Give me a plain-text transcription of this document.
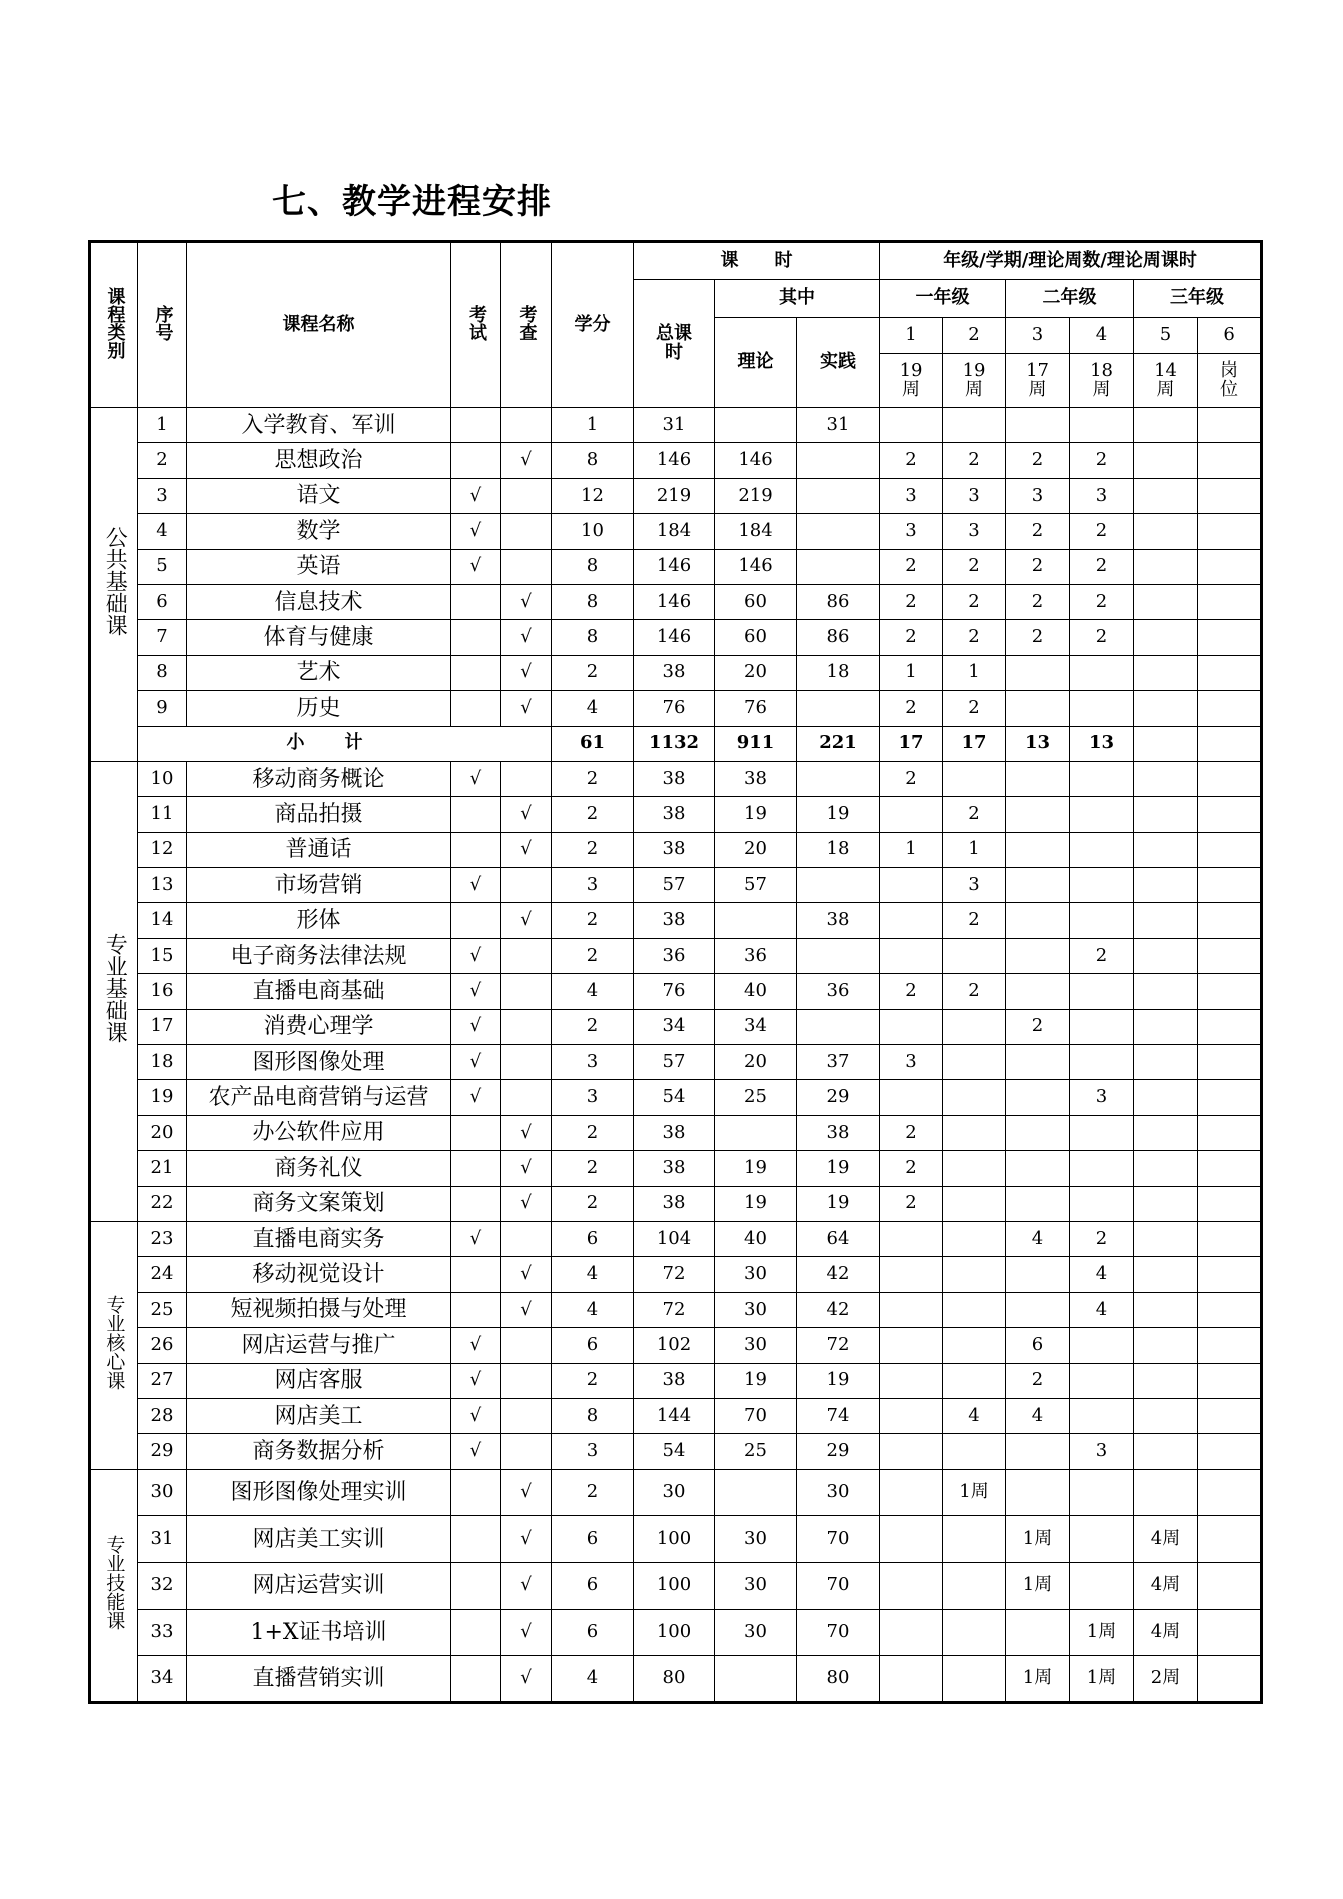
七、教学进程安排
课程类别	序号	课程名称	考试	考查	学分	课　　时			年级/学期/理论周数/理论周课时					

						总课时	其中		一年级		二年级		三年级	
							理论	实践	1	2	3	4	5	6

									19周	19周	17周	18周	14周	岗位

公共基础课	1	入学教育、军训			1	31		31						
	2	思想政治		√	8	146	146		2	2	2	2		
	3	语文	√		12	219	219		3	3	3	3		
	4	数学	√		10	184	184		3	3	2	2		
	5	英语	√		8	146	146		2	2	2	2		
	6	信息技术		√	8	146	60	86	2	2	2	2		
	7	体育与健康		√	8	146	60	86	2	2	2	2		
	8	艺术		√	2	38	20	18	1	1				
	9	历史		√	4	76	76		2	2				
	小计				61	1132	911	221	17	17	13	13		
专业基础课	10	移动商务概论	√		2	38	38		2					
	11	商品拍摄		√	2	38	19	19		2				
	12	普通话		√	2	38	20	18	1	1				
	13	市场营销	√		3	57	57			3				
	14	形体		√	2	38		38		2				
	15	电子商务法律法规	√		2	36	36					2		
	16	直播电商基础	√		4	76	40	36	2	2				
	17	消费心理学	√		2	34	34				2			
	18	图形图像处理	√		3	57	20	37	3					
	19	农产品电商营销与运营	√		3	54	25	29				3		
	20	办公软件应用		√	2	38		38	2					
	21	商务礼仪		√	2	38	19	19	2					
	22	商务文案策划		√	2	38	19	19	2					
专业核心课	23	直播电商实务	√		6	104	40	64			4	2		
	24	移动视觉设计		√	4	72	30	42				4		
	25	短视频拍摄与处理		√	4	72	30	42				4		
	26	网店运营与推广	√		6	102	30	72			6			
	27	网店客服	√		2	38	19	19			2			
	28	网店美工	√		8	144	70	74		4	4			
	29	商务数据分析	√		3	54	25	29				3		
专业技能课	30	图形图像处理实训		√	2	30		30		1周				
	31	网店美工实训		√	6	100	30	70			1周		4周	
	32	网店运营实训		√	6	100	30	70			1周		4周	
	33	1+X证书培训		√	6	100	30	70				1周	4周	
	34	直播营销实训		√	4	80		80			1周	1周	2周	
